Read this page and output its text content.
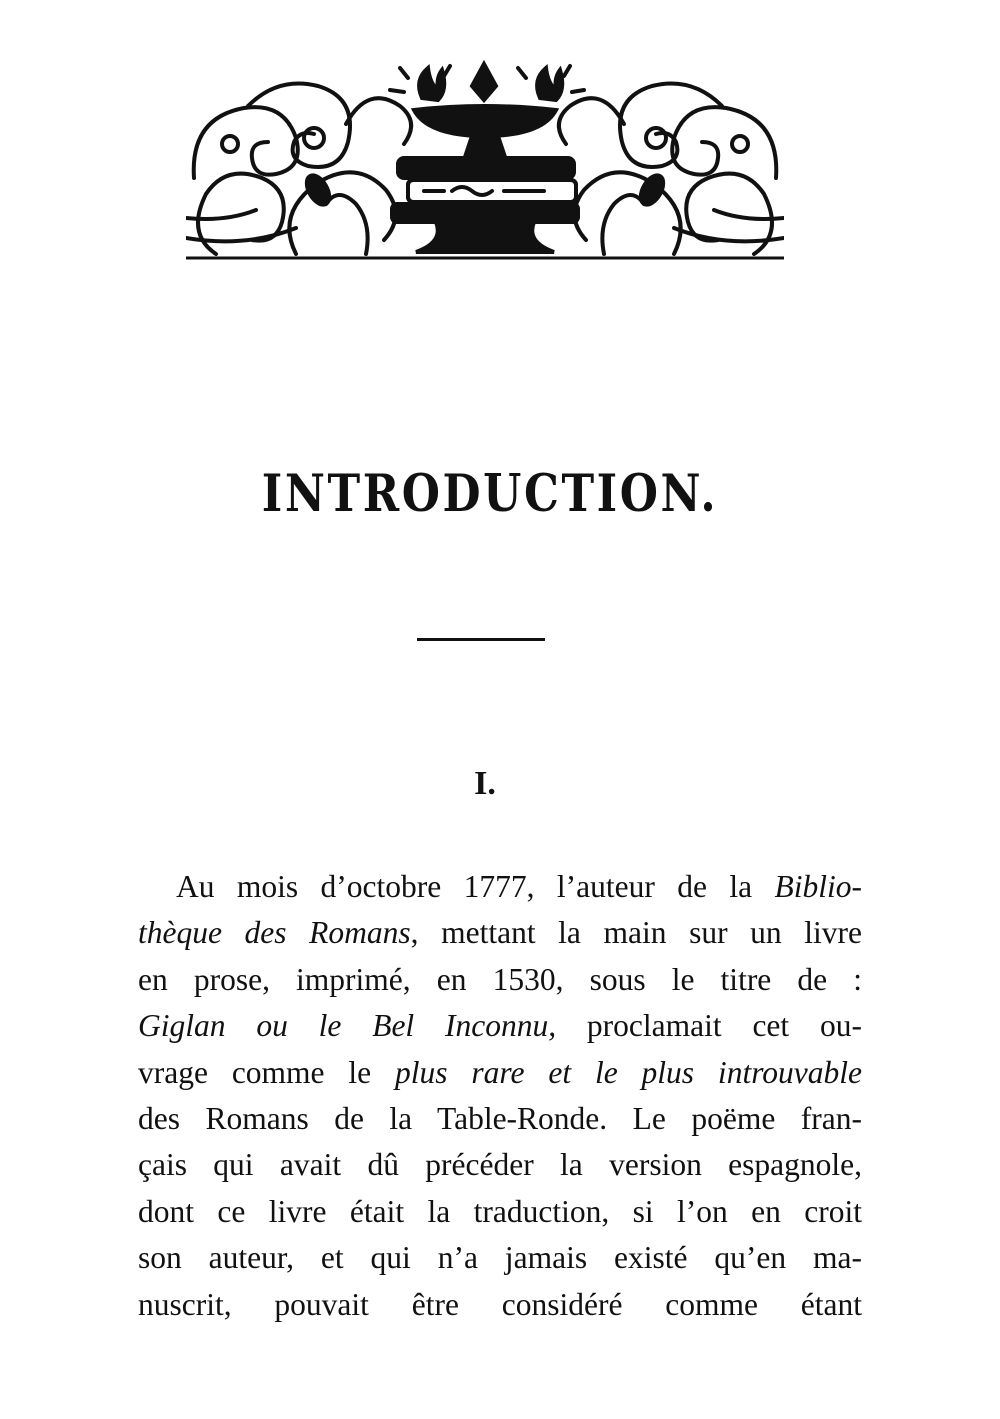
INTRODUCTION.
I.
Au mois d’octobre 1777, l’auteur de la Biblio-
thèque des Romans, mettant la main sur un livre
en prose, imprimé, en 1530, sous le titre de :
Giglan ou le Bel Inconnu, proclamait cet ou-
vrage comme le plus rare et le plus introuvable
des Romans de la Table-Ronde. Le poëme fran-
çais qui avait dû précéder la version espagnole,
dont ce livre était la traduction, si l’on en croit
son auteur, et qui n’a jamais existé qu’en ma-
nuscrit, pouvait être considéré comme étant
